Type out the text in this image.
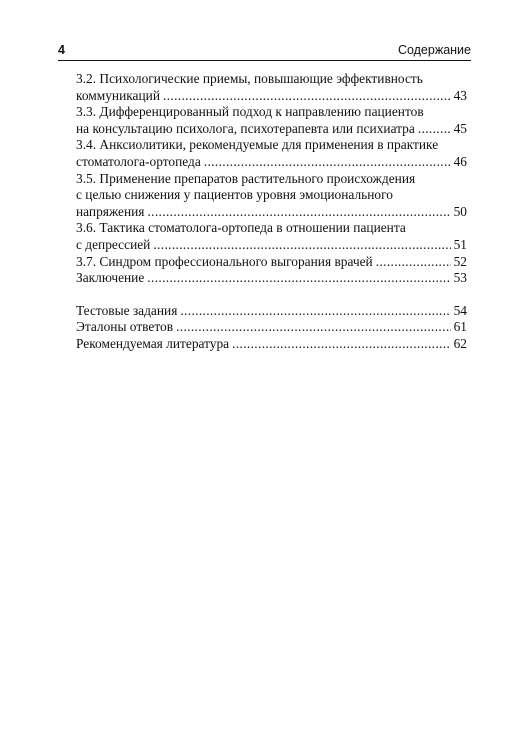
4	Содержание
3.2. Психологические приемы, повышающие эффективность
коммуникаций . . .	43
3.3. Дифференцированный подход к направлению пациентов
на консультацию психолога, психотерапевта или психиатра . . .	45
3.4. Анксиолитики, рекомендуемые для применения в практике
стоматолога-ортопеда . . .	46
3.5. Применение препаратов растительного происхождения
с целью снижения у пациентов уровня эмоционального
напряжения . . .	50
3.6. Тактика стоматолога-ортопеда в отношении пациента
с депрессией . . .	51
3.7. Синдром профессионального выгорания врачей . . .	52
Заключение . . .	53
Тестовые задания . . .	54
Эталоны ответов . . .	61
Рекомендуемая литература . . .	62
